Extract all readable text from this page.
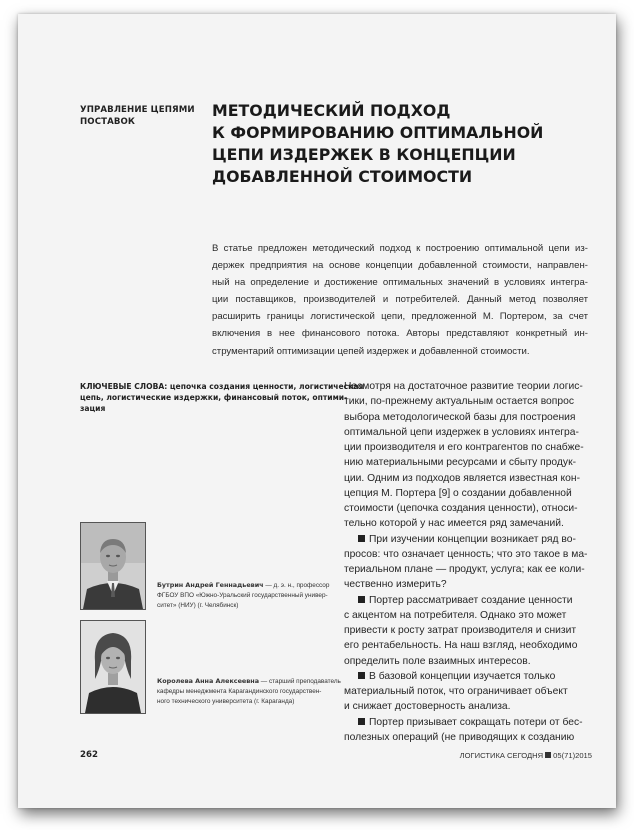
УПРАВЛЕНИЕ ЦЕПЯМИ
ПОСТАВОК
МЕТОДИЧЕСКИЙ ПОДХОД
К ФОРМИРОВАНИЮ ОПТИМАЛЬНОЙ
ЦЕПИ ИЗДЕРЖЕК В КОНЦЕПЦИИ
ДОБАВЛЕННОЙ СТОИМОСТИ
В статье предложен методический подход к построению оптимальной цепи из-
держек предприятия на основе концепции добавленной стоимости, направлен-
ный на определение и достижение оптимальных значений в условиях интегра-
ции поставщиков, производителей и потребителей. Данный метод позволяет
расширить границы логистической цепи, предложенной М. Портером, за счет
включения в нее финансового потока. Авторы представляют конкретный ин-
струментарий оптимизации цепей издержек и добавленной стоимости.
КЛЮЧЕВЫЕ СЛОВА: цепочка создания ценности, логистическая
цепь, логистические издержки, финансовый поток, оптими-
зация
Несмотря на достаточное развитие теории логис-
тики, по-прежнему актуальным остается вопрос
выбора методологической базы для построения
оптимальной цепи издержек в условиях интегра-
ции производителя и его контрагентов по снабже-
нию материальными ресурсами и сбыту продук-
ции. Одним из подходов является известная кон-
цепция М. Портера [9] о создании добавленной
стоимости (цепочка создания ценности), относи-
тельно которой у нас имеется ряд замечаний.
При изучении концепции возникает ряд во-
просов: что означает ценность; что это такое в ма-
териальном плане — продукт, услуга; как ее коли-
чественно измерить?
Портер рассматривает создание ценности
с акцентом на потребителя. Однако это может
привести к росту затрат производителя и снизит
его рентабельность. На наш взгляд, необходимо
определить поле взаимных интересов.
В базовой концепции изучается только
материальный поток, что ограничивает объект
и снижает достоверность анализа.
Портер призывает сокращать потери от бес-
полезных операций (не приводящих к созданию
Бутрин Андрей Геннадьевич — д. э. н., профессор
ФГБОУ ВПО «Южно-Уральский государственный универ-
ситет» (НИУ) (г. Челябинск)
Королева Анна Алексеевна — старший преподаватель
кафедры менеджмента Карагандинского государствен-
ного технического университета (г. Караганда)
262	ЛОГИСТИКА СЕГОДНЯ 05(71)2015
